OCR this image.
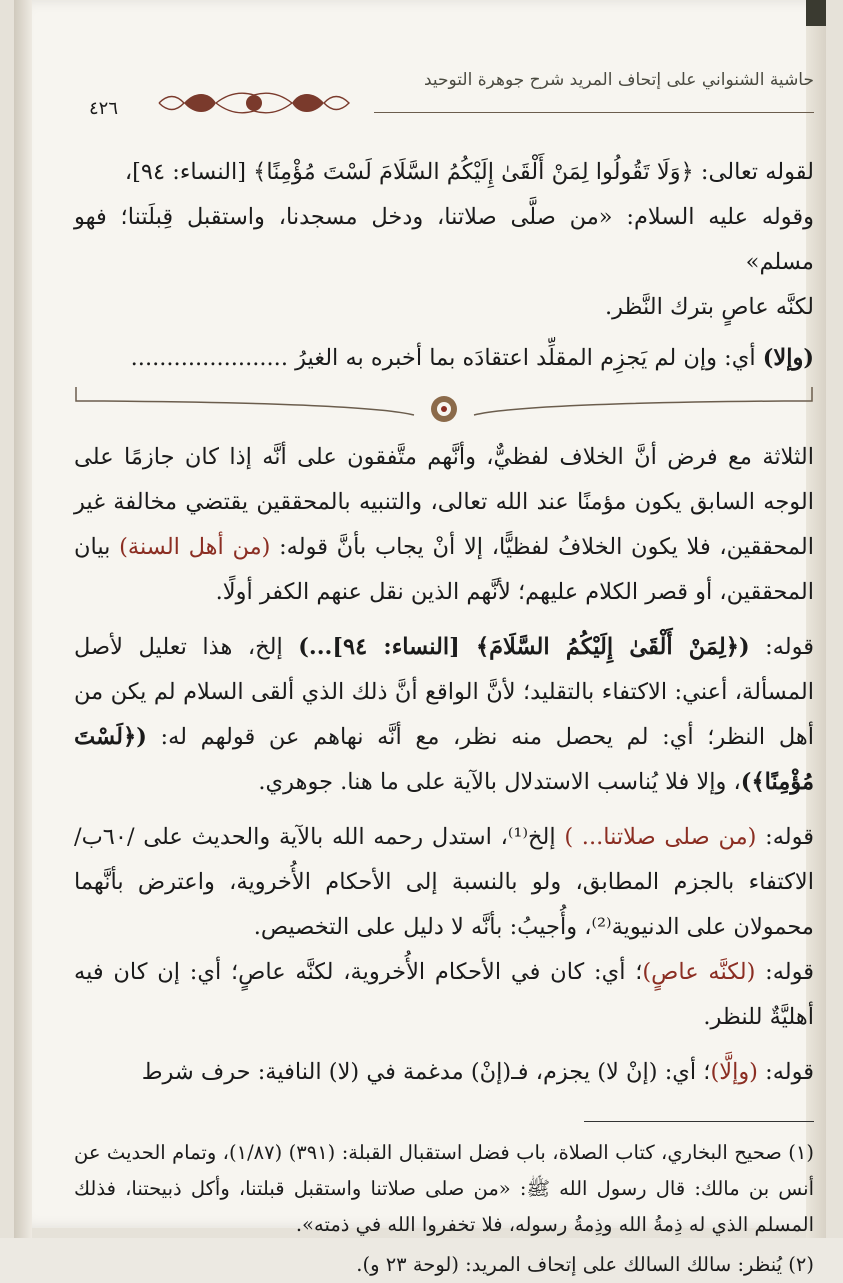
حاشية الشنواني على إتحاف المريد شرح جوهرة التوحيد
٤٢٦

لقوله تعالى: ﴿وَلَا تَقُولُوا لِمَنْ أَلْقَىٰ إِلَيْكُمُ السَّلَامَ لَسْتَ مُؤْمِنًا﴾ [النساء: ٩٤]،

وقوله عليه السلام: «من صلَّى صلاتنا، ودخل مسجدنا، واستقبل قِبلَتنا؛ فهو مسلم»

لكنَّه عاصٍ بترك النَّظر.

(وإلا) أي: وإن لم يَجزِم المقلِّد اعتقادَه بما أخبره به الغيرُ ......................

الثلاثة مع فرض أنَّ الخلاف لفظيٌّ، وأنَّهم متَّفقون على أنَّه إذا كان جازمًا على الوجه السابق يكون مؤمنًا عند الله تعالى، والتنبيه بالمحققين يقتضي مخالفة غير المحققين، فلا يكون الخلافُ لفظيًّا، إلا أنْ يجاب بأنَّ قوله: (من أهل السنة) بيان المحققين، أو قصر الكلام عليهم؛ لأنَّهم الذين نقل عنهم الكفر أولًا.

قوله: (﴿لِمَنْ أَلْقَىٰ إِلَيْكُمُ السَّلَامَ﴾ [النساء: ٩٤]...) إلخ، هذا تعليل لأصل المسألة، أعني: الاكتفاء بالتقليد؛ لأنَّ الواقع أنَّ ذلك الذي ألقى السلام لم يكن من أهل النظر؛ أي: لم يحصل منه نظر، مع أنَّه نهاهم عن قولهم له: (﴿لَسْتَ مُؤْمِنًا﴾)، وإلا فلا يُناسب الاستدلال بالآية على ما هنا. جوهري.

قوله: (من صلى صلاتنا... ) إلخ⁽¹⁾، استدل رحمه الله بالآية والحديث على /٦٠ب/ الاكتفاء بالجزم المطابق، ولو بالنسبة إلى الأحكام الأُخروية، واعترض بأنَّهما محمولان على الدنيوية⁽²⁾، وأُجيبُ: بأنَّه لا دليل على التخصيص.

قوله: (لكنَّه عاصٍ)؛ أي: كان في الأحكام الأُخروية، لكنَّه عاصٍ؛ أي: إن كان فيه أهليَّةٌ للنظر.

قوله: (وإلَّا)؛ أي: (إنْ لا) يجزم، فـ(إنْ) مدغمة في (لا) النافية: حرف شرط

(١) صحيح البخاري، كتاب الصلاة، باب فضل استقبال القبلة: (٣٩١) (١/٨٧)، وتمام الحديث عن أنس بن مالك: قال رسول الله ﷺ: «من صلى صلاتنا واستقبل قبلتنا، وأكل ذبيحتنا، فذلك المسلم الذي له ذِمةُ الله وذِمةُ رسوله، فلا تخفروا الله في ذمته».

(٢) يُنظر: سالك السالك على إتحاف المريد: (لوحة ٢٣ و).
